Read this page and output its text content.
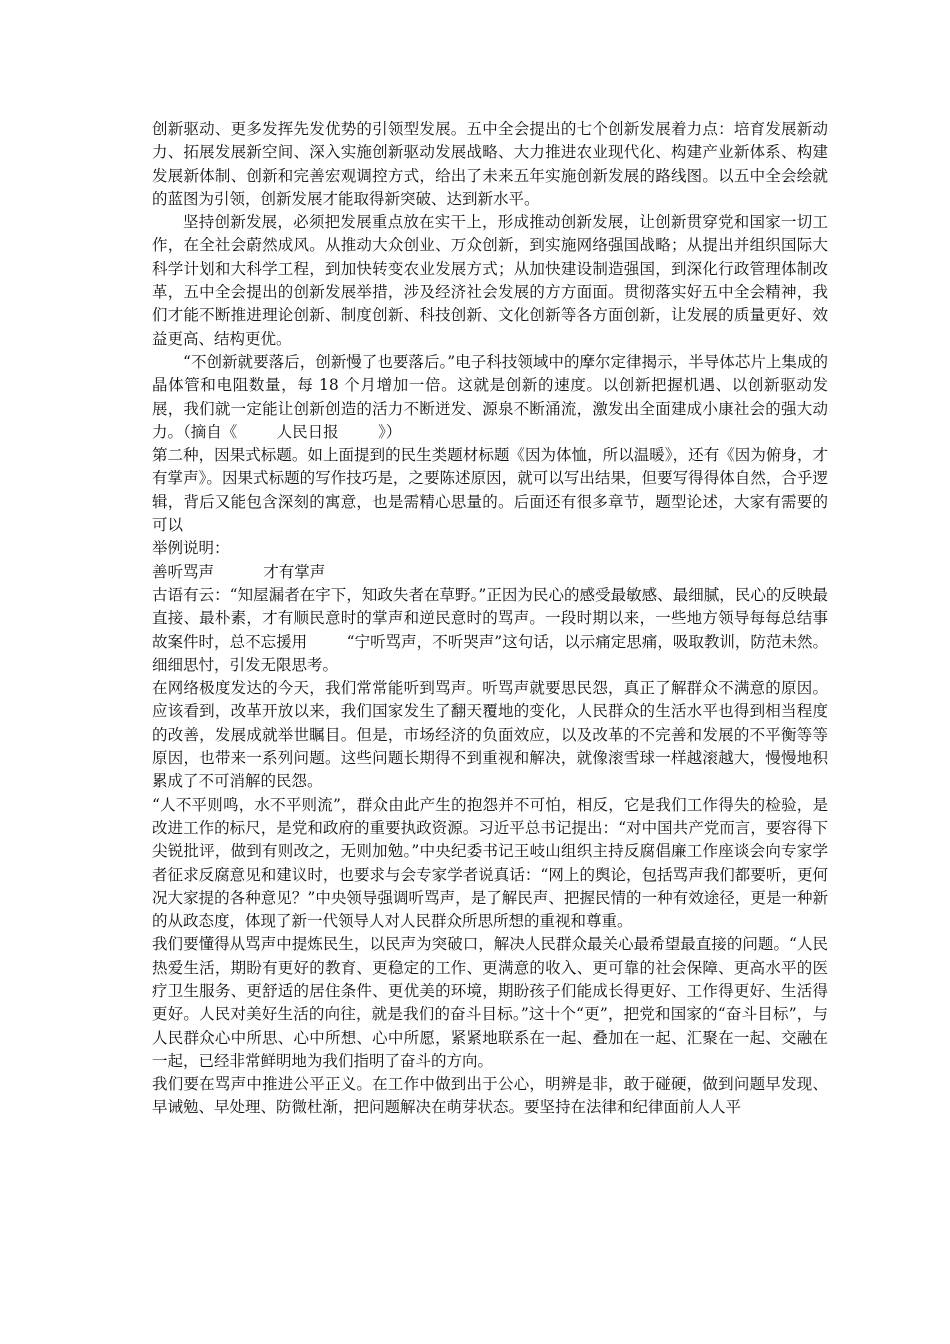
创新驱动、更多发挥先发优势的引领型发展。五中全会提出的七个创新发展着力点：培育发展新动力、拓展发展新空间、深入实施创新驱动发展战略、大力推进农业现代化、构建产业新体系、构建发展新体制、创新和完善宏观调控方式，给出了未来五年实施创新发展的路线图。以五中全会绘就的蓝图为引领，创新发展才能取得新突破、达到新水平。

坚持创新发展，必须把发展重点放在实干上，形成推动创新发展，让创新贯穿党和国家一切工作，在全社会蔚然成风。从推动大众创业、万众创新，到实施网络强国战略；从提出并组织国际大科学计划和大科学工程，到加快转变农业发展方式；从加快建设制造强国，到深化行政管理体制改革，五中全会提出的创新发展举措，涉及经济社会发展的方方面面。贯彻落实好五中全会精神，我们才能不断推进理论创新、制度创新、科技创新、文化创新等各方面创新，让发展的质量更好、效益更高、结构更优。

“不创新就要落后，创新慢了也要落后。”电子科技领域中的摩尔定律揭示，半导体芯片上集成的晶体管和电阻数量，每 18 个月增加一倍。这就是创新的速度。以创新把握机遇、以创新驱动发展，我们就一定能让创新创造的活力不断迸发、源泉不断涌流，激发出全面建成小康社会的强大动力。（摘自《        人民日报        》）

第二种，因果式标题。如上面提到的民生类题材标题《因为体恤，所以温暖》，还有《因为俯身，才有掌声》。因果式标题的写作技巧是，之要陈述原因，就可以写出结果，但要写得得体自然，合乎逻辑，背后又能包含深刻的寓意，也是需精心思量的。后面还有很多章节，题型论述，大家有需要的可以

举例说明：

善听骂声          才有掌声

古语有云：“知屋漏者在宇下，知政失者在草野。”正因为民心的感受最敏感、最细腻，民心的反映最直接、最朴素，才有顺民意时的掌声和逆民意时的骂声。一段时期以来，一些地方领导每每总结事故案件时，总不忘援用        “宁听骂声，不听哭声”这句话，以示痛定思痛，吸取教训，防范未然。细细思忖，引发无限思考。

在网络极度发达的今天，我们常常能听到骂声。听骂声就要思民怨，真正了解群众不满意的原因。应该看到，改革开放以来，我们国家发生了翻天覆地的变化，人民群众的生活水平也得到相当程度的改善，发展成就举世瞩目。但是，市场经济的负面效应，以及改革的不完善和发展的不平衡等等原因，也带来一系列问题。这些问题长期得不到重视和解决，就像滚雪球一样越滚越大，慢慢地积累成了不可消解的民怨。

“人不平则鸣，水不平则流”，群众由此产生的抱怨并不可怕，相反，它是我们工作得失的检验，是改进工作的标尺，是党和政府的重要执政资源。习近平总书记提出：“对中国共产党而言，要容得下尖锐批评，做到有则改之，无则加勉。”中央纪委书记王岐山组织主持反腐倡廉工作座谈会向专家学者征求反腐意见和建议时，也要求与会专家学者说真话：“网上的舆论，包括骂声我们都要听，更何况大家提的各种意见？”中央领导强调听骂声，是了解民声、把握民情的一种有效途径，更是一种新的从政态度，体现了新一代领导人对人民群众所思所想的重视和尊重。

我们要懂得从骂声中提炼民生，以民声为突破口，解决人民群众最关心最希望最直接的问题。“人民热爱生活，期盼有更好的教育、更稳定的工作、更满意的收入、更可靠的社会保障、更高水平的医疗卫生服务、更舒适的居住条件、更优美的环境，期盼孩子们能成长得更好、工作得更好、生活得更好。人民对美好生活的向往，就是我们的奋斗目标。”这十个“更”，把党和国家的“奋斗目标”，与人民群众心中所思、心中所想、心中所愿，紧紧地联系在一起、叠加在一起、汇聚在一起、交融在一起，已经非常鲜明地为我们指明了奋斗的方向。

我们要在骂声中推进公平正义。在工作中做到出于公心，明辨是非，敢于碰硬，做到问题早发现、早诫勉、早处理、防微杜渐，把问题解决在萌芽状态。要坚持在法律和纪律面前人人平
